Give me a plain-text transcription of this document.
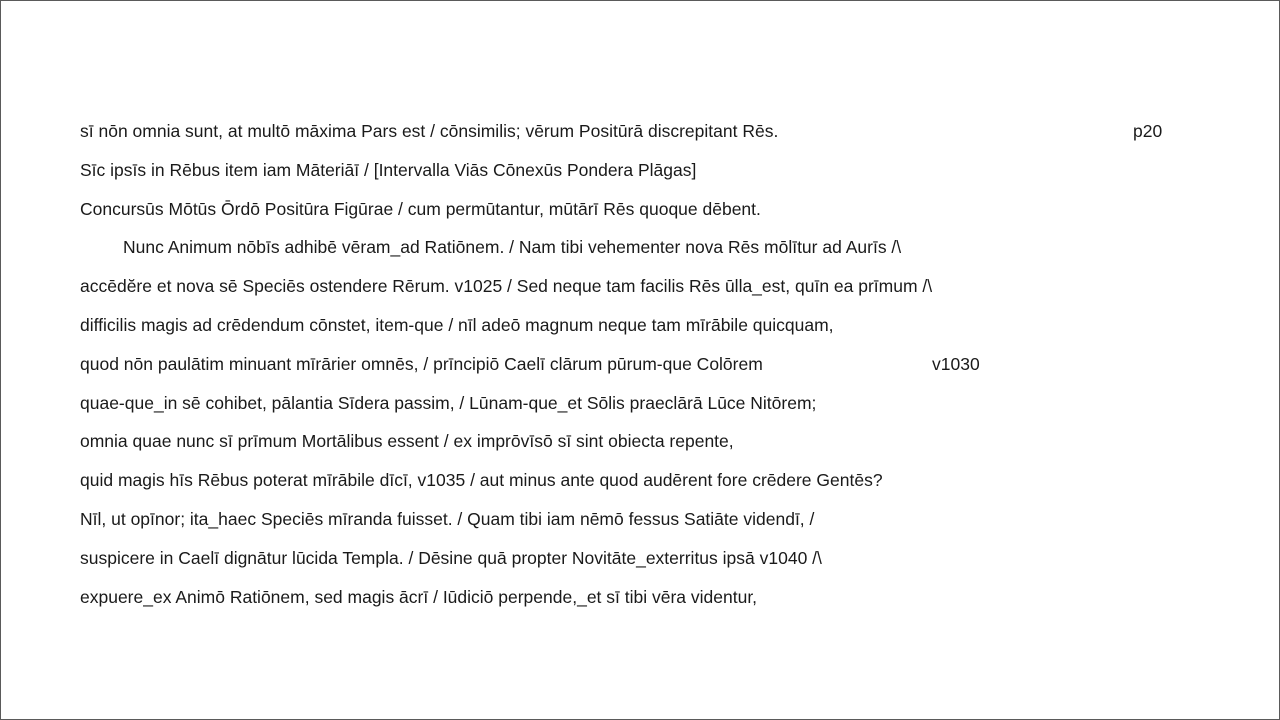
sī nōn omnia sunt, at multō māxima Pars est / cōnsimilis; vērum Positūrā discrepitant Rēs.	p20
Sīc ipsīs in Rēbus item iam Māteriāī / [Intervalla Viās Cōnexūs Pondera Plāgas]
Concursūs Mōtūs Ōrdō Positūra Figūrae / cum permūtantur, mūtārī Rēs quoque dēbent.
Nunc Animum nōbīs adhibē vēram_ad Ratiōnem. / Nam tibi vehementer nova Rēs mōlītur ad Aurīs /\
accēdĕre et nova sē Speciēs ostendere Rērum. v1025 / Sed neque tam facilis Rēs ūlla_est, quīn ea prīmum /\
difficilis magis ad crēdendum cōnstet, item-que / nīl adeō magnum neque tam mīrābile quicquam,
quod nōn paulātim minuant mīrārier omnēs, / prīncipiō Caelī clārum pūrum-que Colōrem	v1030
quae-que_in sē cohibet, pālantia Sīdera passim, / Lūnam-que_et Sōlis praeclārā Lūce Nitōrem;
omnia quae nunc sī prīmum Mortālibus essent / ex imprōvīsō sī sint obiecta repente,
quid magis hīs Rēbus poterat mīrābile dīcī, v1035 / aut minus ante quod audērent fore crēdere Gentēs?
Nīl, ut opīnor; ita_haec Speciēs mīranda fuisset. / Quam tibi iam nēmō fessus Satiāte videndī, /
suspicere in Caelī dignātur lūcida Templa. / Dēsine quā propter Novitāte_exterritus ipsā v1040 /\
expuere_ex Animō Ratiōnem, sed magis ācrī / Iūdiciō perpende,_et sī tibi vēra videntur,
